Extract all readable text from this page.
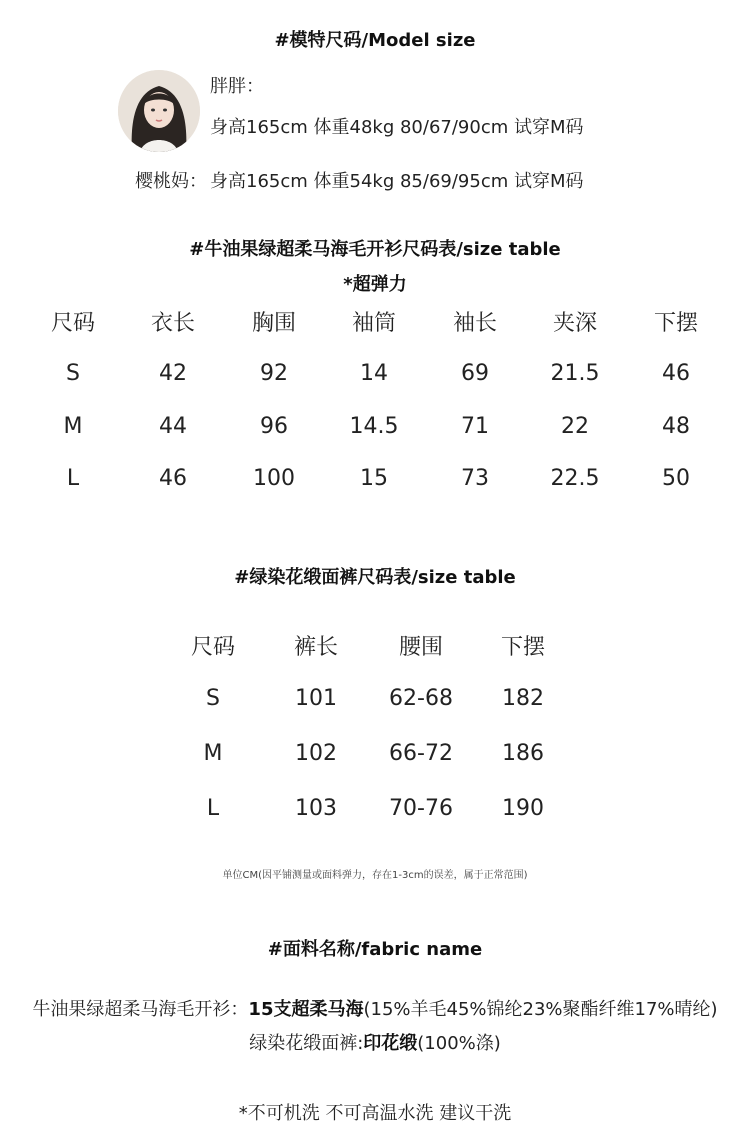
#模特尺码/Model size
胖胖：
身高165cm 体重48kg 80/67/90cm 试穿M码
樱桃妈： 身高165cm 体重54kg 85/69/95cm 试穿M码
#牛油果绿超柔马海毛开衫尺码表/size table
*超弹力
尺码	衣长	胸围	袖筒	袖长	夹深	下摆
S	42	92	14	69	21.5	46
M	44	96	14.5	71	22	48
L	46	100	15	73	22.5	50
#绿染花缎面裤尺码表/size table
尺码	裤长	腰围	下摆
S	101	62-68	182
M	102	66-72	186
L	103	70-76	190
单位CM(因平铺测量或面料弹力，存在1-3cm的误差，属于正常范围)
#面料名称/fabric name
牛油果绿超柔马海毛开衫：15支超柔马海(15%羊毛45%锦纶23%聚酯纤维17%晴纶)
绿染花缎面裤:印花缎(100%涤)
*不可机洗 不可高温水洗 建议干洗
